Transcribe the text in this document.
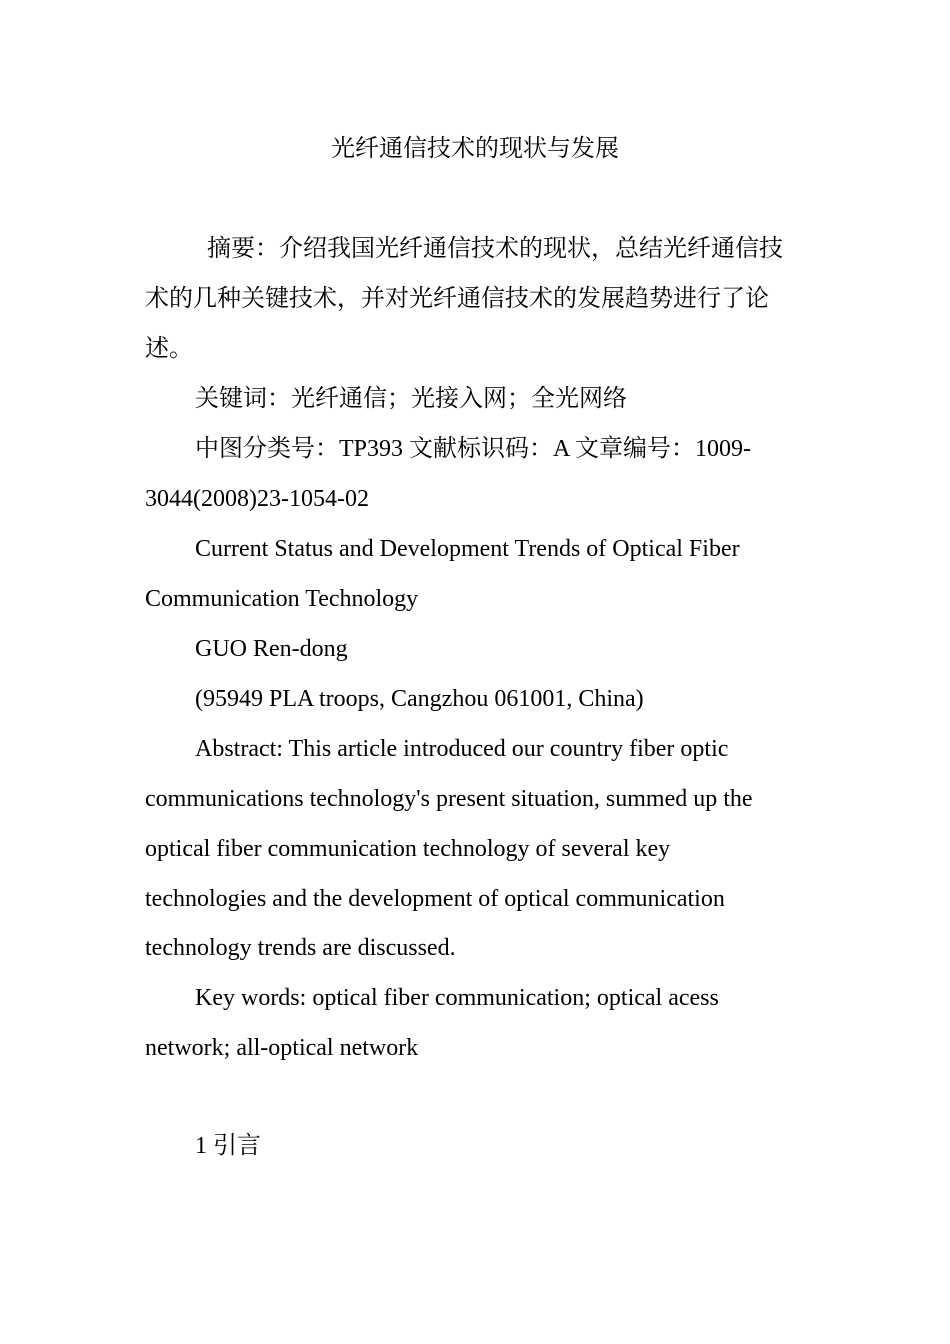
光纤通信技术的现状与发展
摘要：介绍我国光纤通信技术的现状，总结光纤通信技
术的几种关键技术，并对光纤通信技术的发展趋势进行了论
述。
关键词：光纤通信；光接入网；全光网络
中图分类号：TP393 文献标识码：A 文章编号：1009-
3044(2008)23-1054-02
Current Status and Development Trends of Optical Fiber
Communication Technology
GUO Ren-dong
(95949 PLA troops, Cangzhou 061001, China)
Abstract: This article introduced our country fiber optic
communications technology's present situation, summed up the
optical fiber communication technology of several key
technologies and the development of optical communication
technology trends are discussed.
Key words: optical fiber communication; optical acess
network; all-optical network
1 引言
